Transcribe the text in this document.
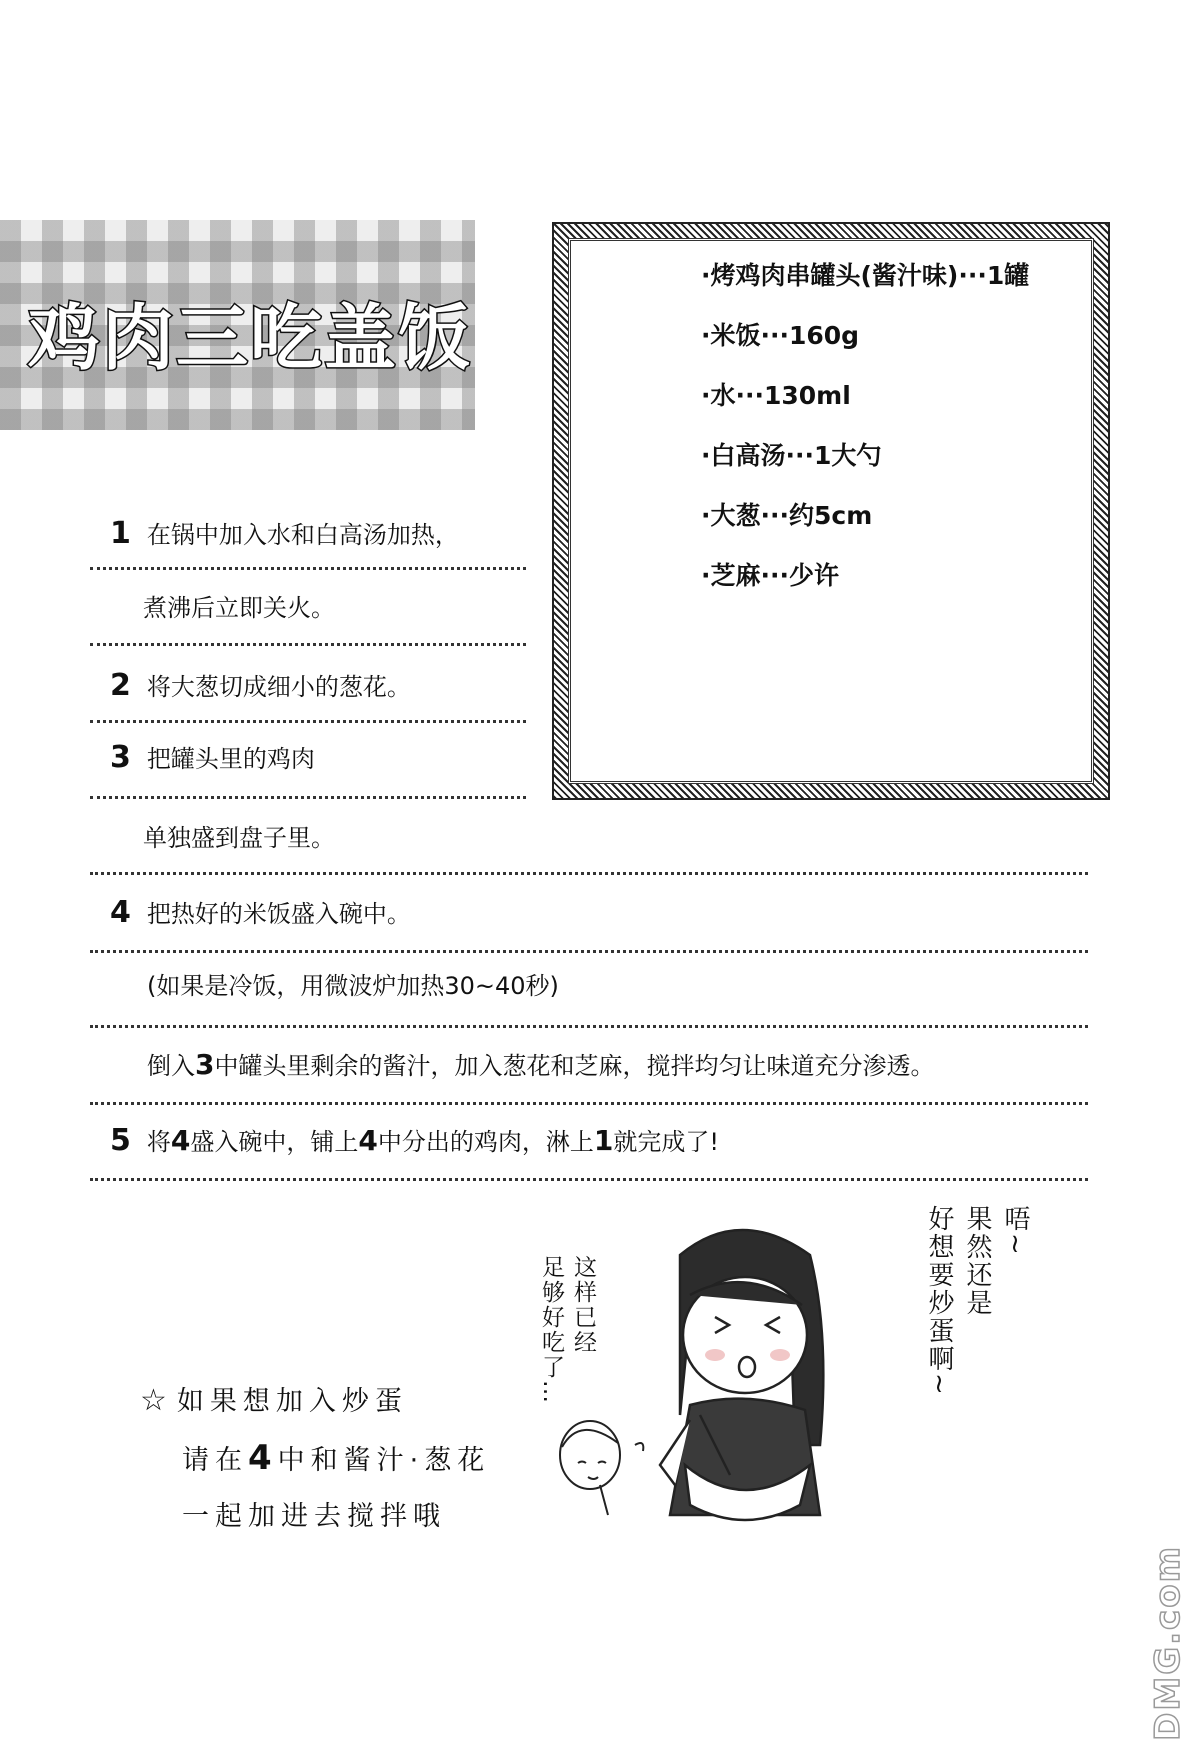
鸡肉三吃盖饭
·烤鸡肉串罐头(酱汁味)···1罐
·米饭···160g
·水···130ml
·白高汤···1大勺
·大葱···约5cm
·芝麻···少许
1 在锅中加入水和白高汤加热，
煮沸后立即关火。
2 将大葱切成细小的葱花。
3 把罐头里的鸡肉
单独盛到盘子里。
4 把热好的米饭盛入碗中。
(如果是冷饭，用微波炉加热30~40秒)
倒入3中罐头里剩余的酱汁，加入葱花和芝麻，搅拌均匀让味道充分渗透。
5 将4盛入碗中，铺上4中分出的鸡肉，淋上1就完成了!
☆ 如果想加入炒蛋
请在4中和酱汁·葱花
一起加进去搅拌哦
这样已经
足够好吃了…
唔~
果然还是
好想要炒蛋啊~
DMG.com
